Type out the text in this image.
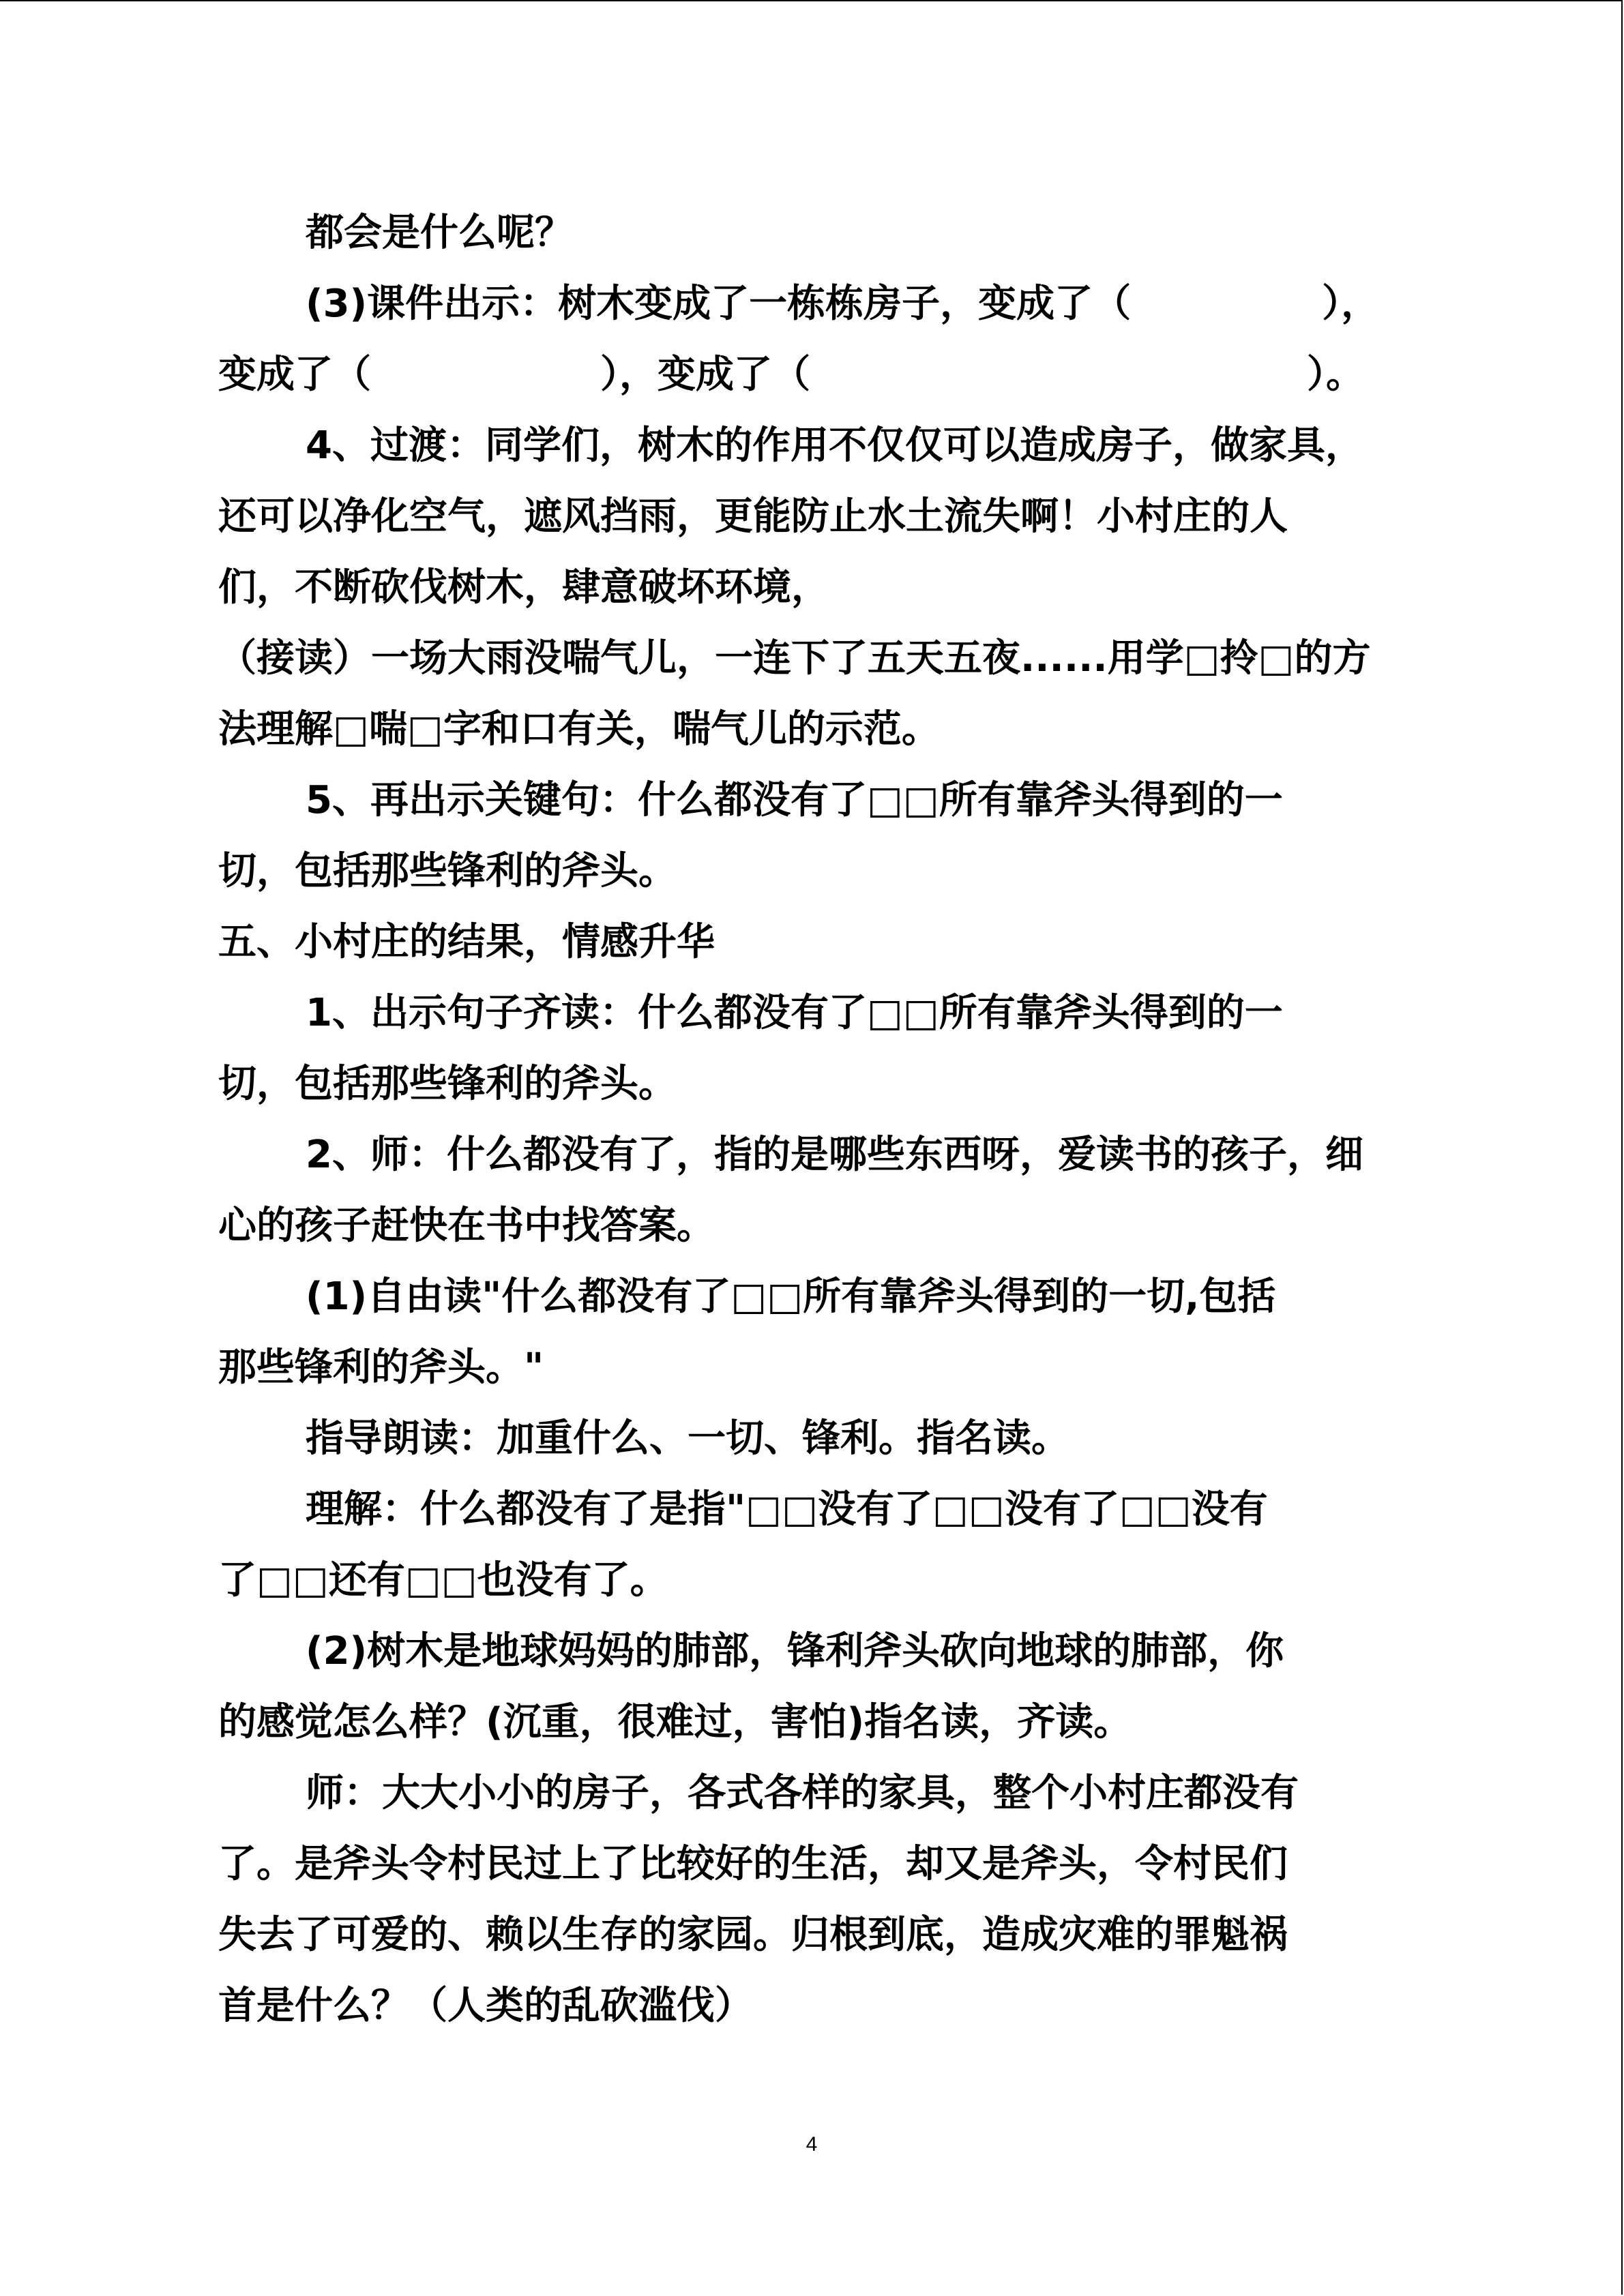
都会是什么呢？
(3)课件出示：树木变成了一栋栋房子，变成了（　　　　　），
变成了（　　　　　　），变成了（　　　　　　　　　　　　　）。
4、过渡：同学们，树木的作用不仅仅可以造成房子，做家具，
还可以净化空气，遮风挡雨，更能防止水土流失啊！小村庄的人
们，不断砍伐树木，肆意破坏环境，
（接读）一场大雨没喘气儿，一连下了五天五夜......用学□拎□的方
法理解□喘□字和口有关，喘气儿的示范。
5、再出示关键句：什么都没有了□□所有靠斧头得到的一
切，包括那些锋利的斧头。
五、小村庄的结果，情感升华
1、出示句子齐读：什么都没有了□□所有靠斧头得到的一
切，包括那些锋利的斧头。
2、师：什么都没有了，指的是哪些东西呀，爱读书的孩子，细
心的孩子赶快在书中找答案。
(1)自由读"什么都没有了□□所有靠斧头得到的一切,包括
那些锋利的斧头。"
指导朗读：加重什么、一切、锋利。指名读。
理解：什么都没有了是指"□□没有了□□没有了□□没有
了□□还有□□也没有了。
(2)树木是地球妈妈的肺部，锋利斧头砍向地球的肺部，你
的感觉怎么样？(沉重，很难过，害怕)指名读，齐读。
师：大大小小的房子，各式各样的家具，整个小村庄都没有
了。是斧头令村民过上了比较好的生活，却又是斧头，令村民们
失去了可爱的、赖以生存的家园。归根到底，造成灾难的罪魁祸
首是什么？（人类的乱砍滥伐）
4
